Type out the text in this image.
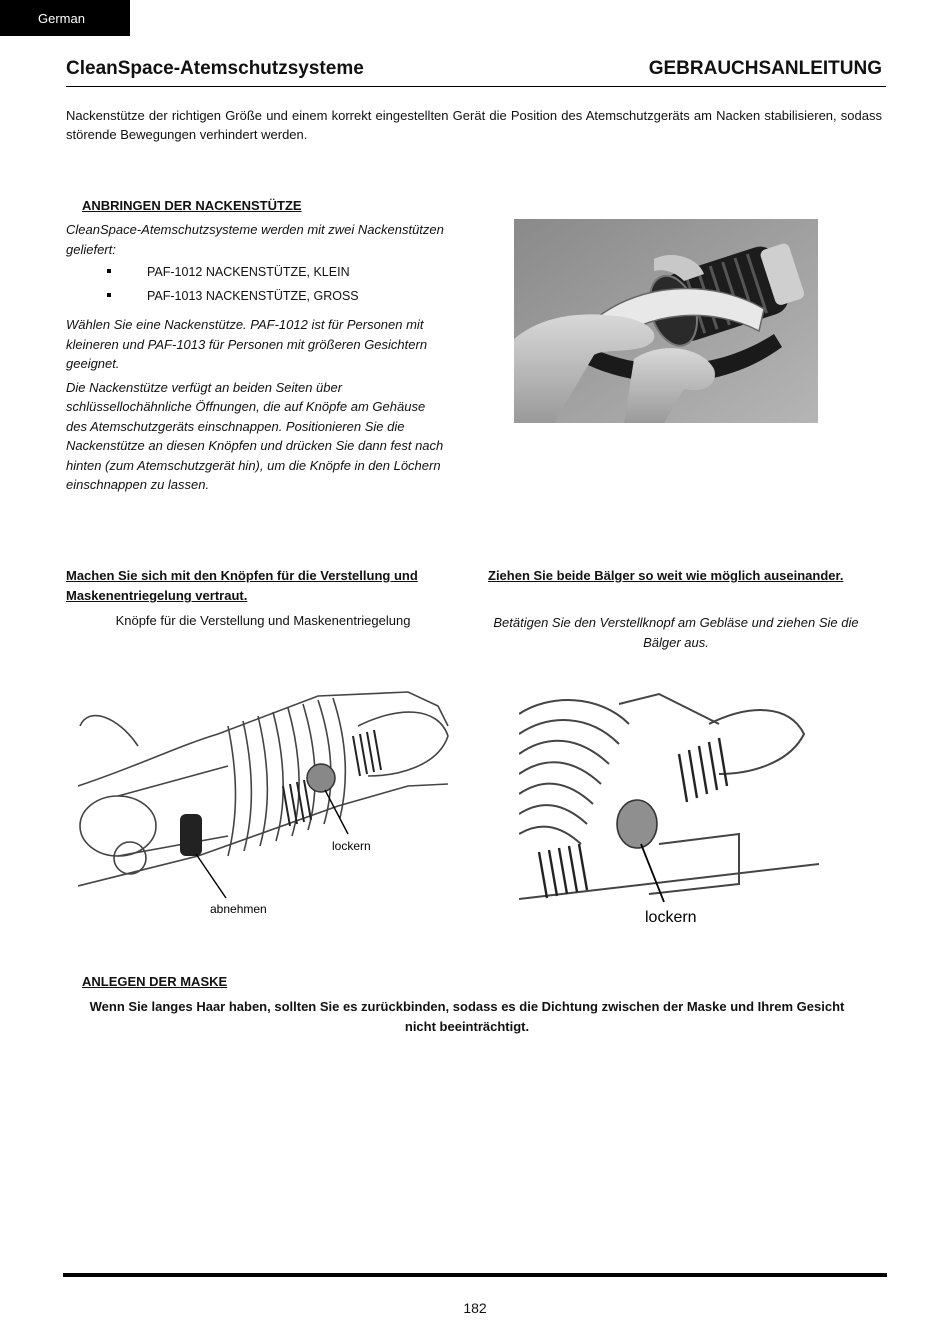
German
CleanSpace-Atemschutzsysteme	GEBRAUCHSANLEITUNG
Nackenstütze der richtigen Größe und einem korrekt eingestellten Gerät die Position des Atemschutzgeräts am Nacken stabilisieren, sodass störende Bewegungen verhindert werden.
ANBRINGEN DER NACKENSTÜTZE
CleanSpace-Atemschutzsysteme werden mit zwei Nackenstützen geliefert:
PAF-1012 NACKENSTÜTZE, KLEIN
PAF-1013 NACKENSTÜTZE, GROSS
Wählen Sie eine Nackenstütze. PAF-1012 ist für Personen mit kleineren und PAF-1013 für Personen mit größeren Gesichtern geeignet.
Die Nackenstütze verfügt an beiden Seiten über schlüssellochähnliche Öffnungen, die auf Knöpfe am Gehäuse des Atemschutzgeräts einschnappen. Positionieren Sie die Nackenstütze an diesen Knöpfen und drücken Sie dann fest nach hinten (zum Atemschutzgerät hin), um die Knöpfe in den Löchern einschnappen zu lassen.
Machen Sie sich mit den Knöpfen für die Verstellung und Maskenentriegelung vertraut.
Knöpfe für die Verstellung und Maskenentriegelung
Ziehen Sie beide Bälger so weit wie möglich auseinander.
Betätigen Sie den Verstellknopf am Gebläse und ziehen Sie die Bälger aus.
lockern
abnehmen	lockern
ANLEGEN DER MASKE
Wenn Sie langes Haar haben, sollten Sie es zurückbinden, sodass es die Dichtung zwischen der Maske und Ihrem Gesicht nicht beeinträchtigt.
182
